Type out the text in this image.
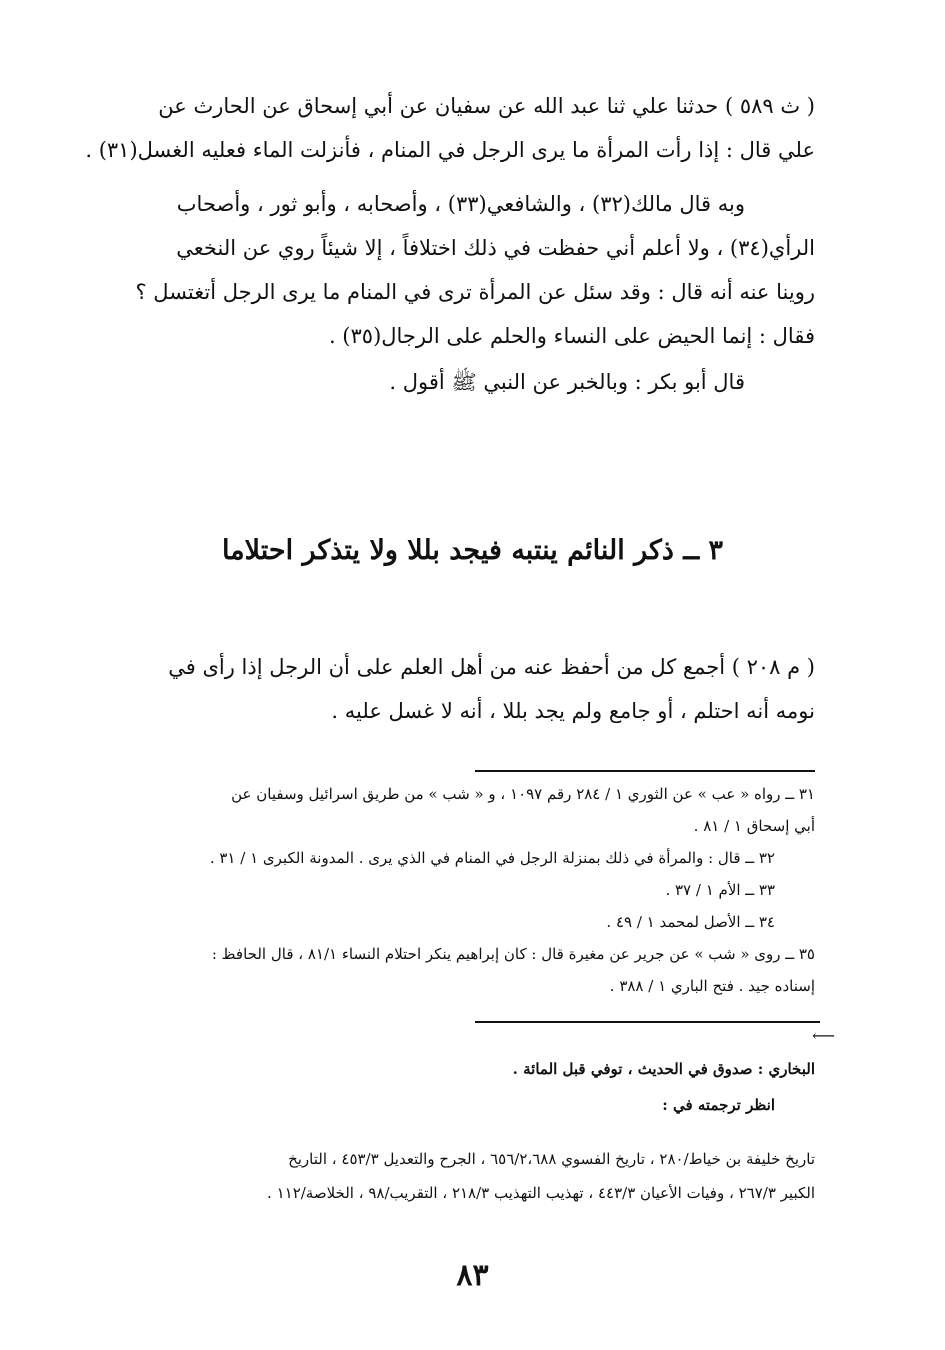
( ث ٥٨٩ ) حدثنا علي ثنا عبد الله عن سفيان عن أبي إسحاق عن الحارث عن
علي قال : إذا رأت المرأة ما يرى الرجل في المنام ، فأنزلت الماء فعليه الغسل(٣١) .
وبه قال مالك(٣٢) ، والشافعي(٣٣) ، وأصحابه ، وأبو ثور ، وأصحاب
الرأي(٣٤) ، ولا أعلم أني حفظت في ذلك اختلافاً ، إلا شيئاً روي عن النخعي
روينا عنه أنه قال : وقد سئل عن المرأة ترى في المنام ما يرى الرجل أتغتسل ؟
فقال : إنما الحيض على النساء والحلم على الرجال(٣٥) .
قال أبو بكر : وبالخبر عن النبي ﷺ أقول .
٣ ــ ذكر النائم ينتبه فيجد بللا ولا يتذكر احتلاما
( م ٢٠٨ ) أجمع كل من أحفظ عنه من أهل العلم على أن الرجل إذا رأى في
نومه أنه احتلم ، أو جامع ولم يجد بللا ، أنه لا غسل عليه .
٣١ ــ رواه « عب » عن الثوري ١ / ٢٨٤ رقم ١٠٩٧ ، و « شب » من طريق اسرائيل وسفيان عن
أبي إسحاق ١ / ٨١ .
٣٢ ــ قال : والمرأة في ذلك بمنزلة الرجل في المنام في الذي يرى . المدونة الكبرى ١ / ٣١ .
٣٣ ــ الأم ١ / ٣٧ .
٣٤ ــ الأصل لمحمد ١ / ٤٩ .
٣٥ ــ روى « شب » عن جرير عن مغيرة قال : كان إبراهيم ينكر احتلام النساء ٨١/١ ، قال الحافظ :
إسناده جيد . فتح الباري ١ / ٣٨٨ .
⟵
البخاري : صدوق في الحديث ، توفي قبل المائة .
انظر ترجمته في :
تاريخ خليفة بن خياط/٢٨٠ ، تاريخ الفسوي ٦٥٦/٢،٦٨٨ ، الجرح والتعديل ٤٥٣/٣ ، التاريخ
الكبير ٢٦٧/٣ ، وفيات الأعيان ٤٤٣/٣ ، تهذيب التهذيب ٢١٨/٣ ، التقريب/٩٨ ، الخلاصة/١١٢ .
٨٣
